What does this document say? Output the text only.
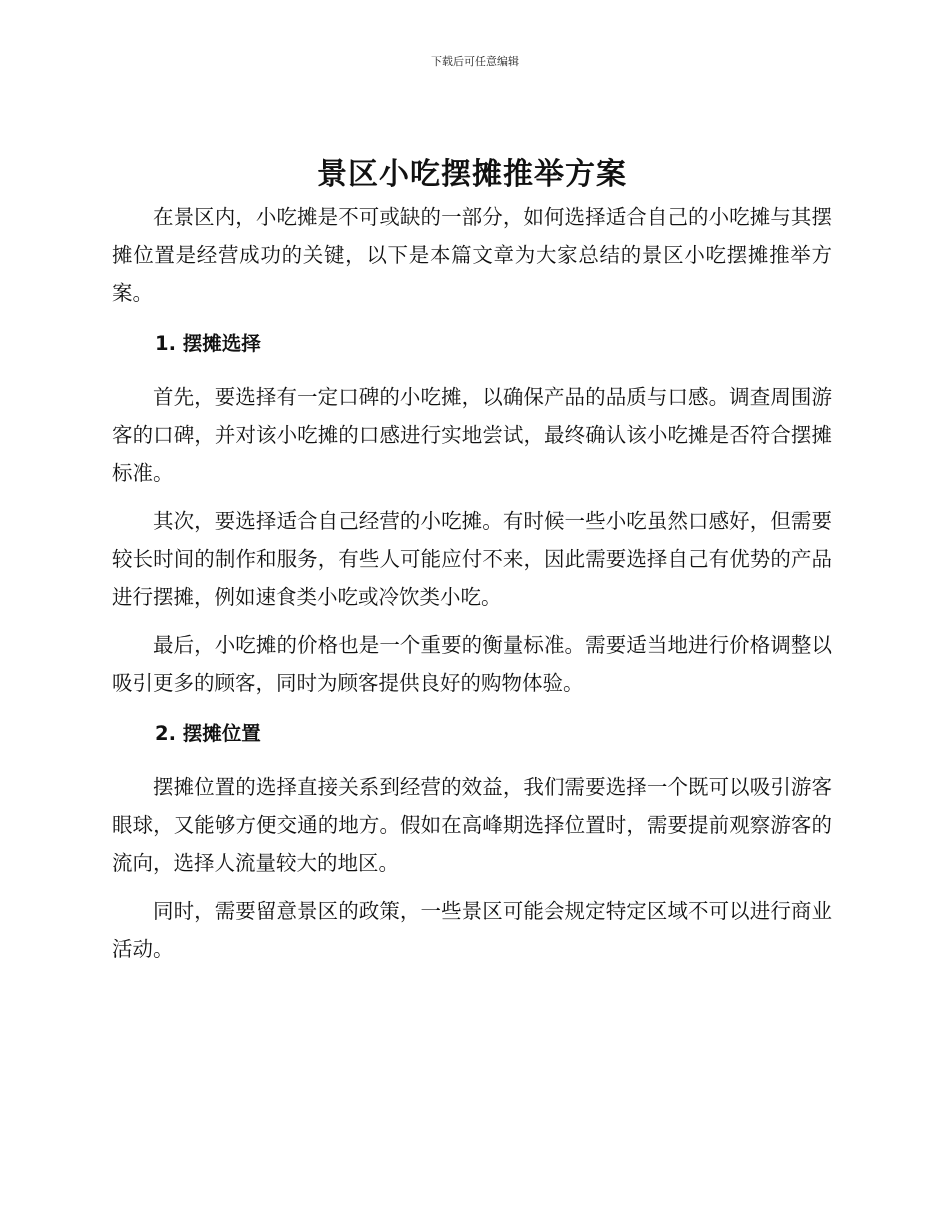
下载后可任意编辑
景区小吃摆摊推举方案

在景区内，小吃摊是不可或缺的一部分，如何选择适合自己的小吃摊与其摆摊位置是经营成功的关键，以下是本篇文章为大家总结的景区小吃摆摊推举方案。

1. 摆摊选择

首先，要选择有一定口碑的小吃摊，以确保产品的品质与口感。调查周围游客的口碑，并对该小吃摊的口感进行实地尝试，最终确认该小吃摊是否符合摆摊标准。

其次，要选择适合自己经营的小吃摊。有时候一些小吃虽然口感好，但需要较长时间的制作和服务，有些人可能应付不来，因此需要选择自己有优势的产品进行摆摊，例如速食类小吃或冷饮类小吃。

最后，小吃摊的价格也是一个重要的衡量标准。需要适当地进行价格调整以吸引更多的顾客，同时为顾客提供良好的购物体验。

2. 摆摊位置

摆摊位置的选择直接关系到经营的效益，我们需要选择一个既可以吸引游客眼球，又能够方便交通的地方。假如在高峰期选择位置时，需要提前观察游客的流向，选择人流量较大的地区。

同时，需要留意景区的政策，一些景区可能会规定特定区域不可以进行商业活动。
